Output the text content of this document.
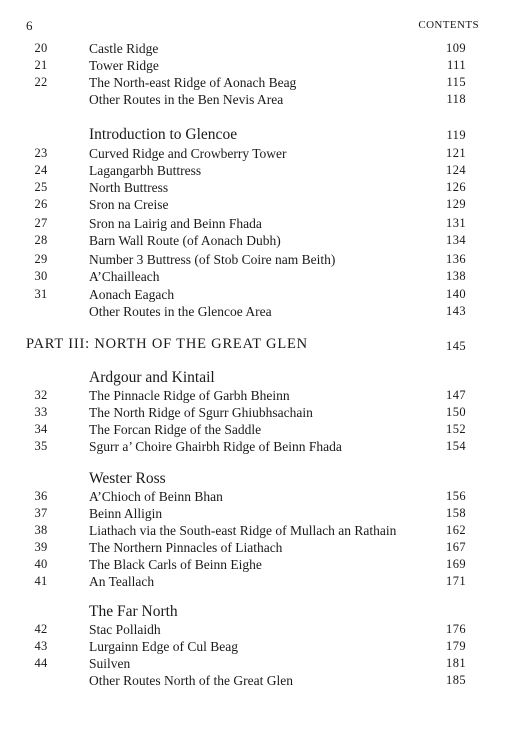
6	CONTENTS
20	Castle Ridge	109
21	Tower Ridge	111
22	The North-east Ridge of Aonach Beag	115
Other Routes in the Ben Nevis Area	118
Introduction to Glencoe	119
23	Curved Ridge and Crowberry Tower	121
24	Lagangarbh Buttress	124
25	North Buttress	126
26	Sron na Creise	129
27	Sron na Lairig and Beinn Fhada	131
28	Barn Wall Route (of Aonach Dubh)	134
29	Number 3 Buttress (of Stob Coire nam Beith)	136
30	A’Chailleach	138
31	Aonach Eagach	140
Other Routes in the Glencoe Area	143
PART III: NORTH OF THE GREAT GLEN	145
Ardgour and Kintail
32	The Pinnacle Ridge of Garbh Bheinn	147
33	The North Ridge of Sgurr Ghiubhsachain	150
34	The Forcan Ridge of the Saddle	152
35	Sgurr a’ Choire Ghairbh Ridge of Beinn Fhada	154
Wester Ross
36	A’Chioch of Beinn Bhan	156
37	Beinn Alligin	158
38	Liathach via the South-east Ridge of Mullach an Rathain	162
39	The Northern Pinnacles of Liathach	167
40	The Black Carls of Beinn Eighe	169
41	An Teallach	171
The Far North
42	Stac Pollaidh	176
43	Lurgainn Edge of Cul Beag	179
44	Suilven	181
Other Routes North of the Great Glen	185
